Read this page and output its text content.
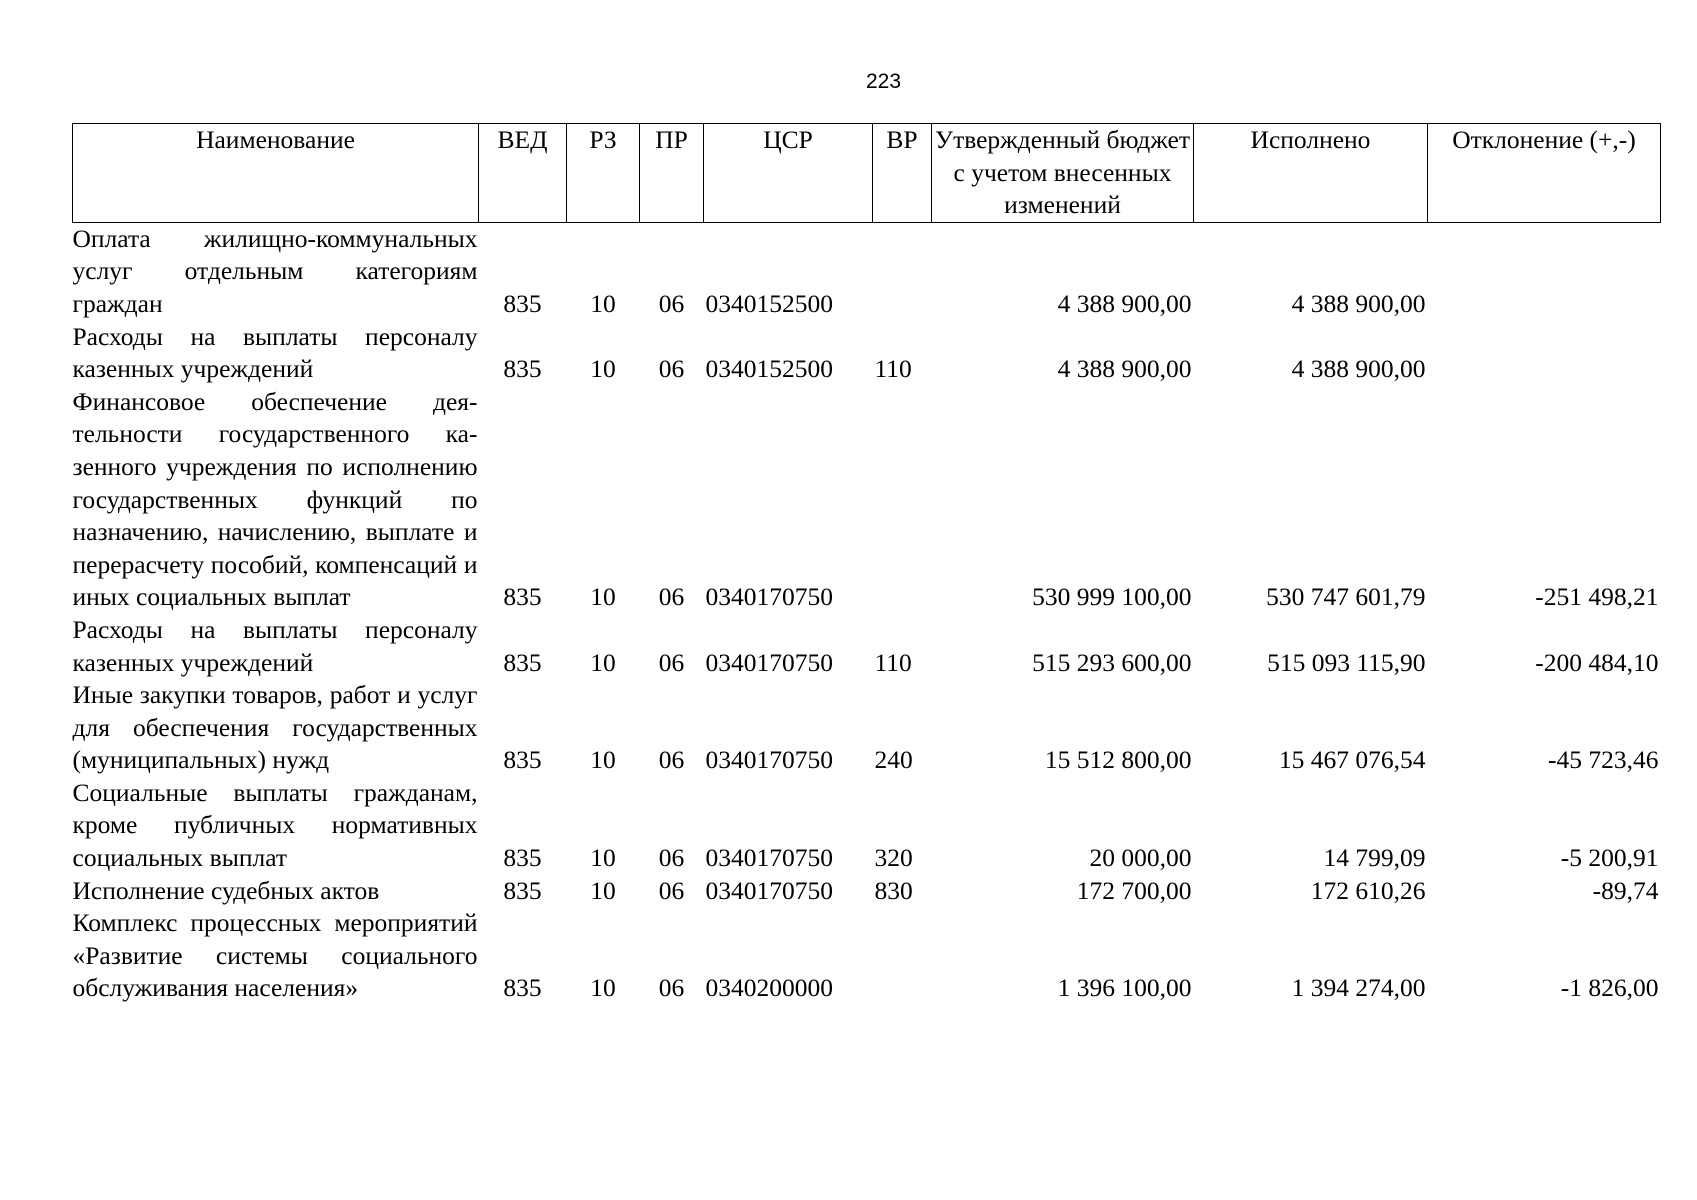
223
Наименование	ВЕД	РЗ	ПР	ЦСР	ВР	Утвержденный бюджет с учетом внесенных изменений	Исполнено	Отклонение (+,-)
Оплата жилищно-коммунальных услуг отдельным категориям граждан	835	10	06	0340152500		4 388 900,00	4 388 900,00	
Расходы на выплаты персоналу казенных учреждений	835	10	06	0340152500	110	4 388 900,00	4 388 900,00	
Финансовое обеспечение деятельности государственного казенного учреждения по исполнению государственных функций по назначению, начислению, выплате и перерасчету пособий, компенсаций и иных социальных выплат	835	10	06	0340170750		530 999 100,00	530 747 601,79	-251 498,21
Расходы на выплаты персоналу казенных учреждений	835	10	06	0340170750	110	515 293 600,00	515 093 115,90	-200 484,10
Иные закупки товаров, работ и услуг для обеспечения государственных (муниципальных) нужд	835	10	06	0340170750	240	15 512 800,00	15 467 076,54	-45 723,46
Социальные выплаты гражданам, кроме публичных нормативных социальных выплат	835	10	06	0340170750	320	20 000,00	14 799,09	-5 200,91
Исполнение судебных актов	835	10	06	0340170750	830	172 700,00	172 610,26	-89,74
Комплекс процессных мероприятий «Развитие системы социального обслуживания населения»	835	10	06	0340200000		1 396 100,00	1 394 274,00	-1 826,00
